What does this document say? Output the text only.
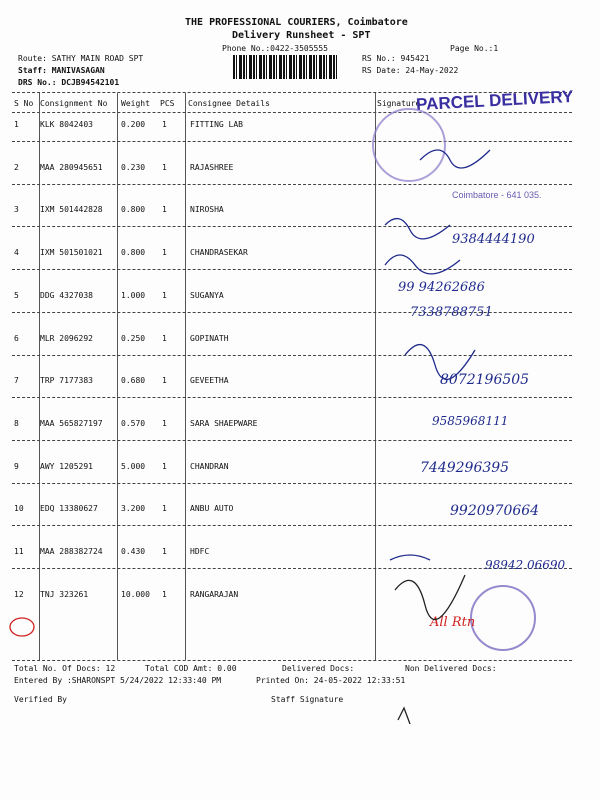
THE PROFESSIONAL COURIERS, Coimbatore
Delivery Runsheet - SPT
Phone No.:0422-3505555	Page No.:1
Route: SATHY MAIN ROAD SPT
Staff: MANIVASAGAN
DRS No.: DCJB94542101
RS No.: 945421
RS Date: 24-May-2022
S No Consignment No Weight PCS Consignee Details	Signature
1	KLK 8042403	0.200 1	FITTING LAB
2	MAA 280945651 0.230 1	RAJASHREE
3	IXM 501442828 0.800 1	NIROSHA
4	IXM 501501021 0.800 1	CHANDRASEKAR
5	DDG 4327038	1.000 1	SUGANYA
6	MLR 2096292	0.250 1	GOPINATH
7	TRP 7177383	0.680 1	GEVEETHA
8	MAA 565827197 0.570 1	SARA SHAEPWARE
9	AWY 1205291	5.000 1	CHANDRAN
10 EDQ 13380627	3.200 1	ANBU AUTO
11 MAA 288382724 0.430 1	HDFC
12 TNJ 323261	10.000 1	RANGARAJAN
Total No. Of Docs: 12	Total COD Amt: 0.00	Delivered Docs:	Non Delivered Docs:
Entered By :SHARONSPT 5/24/2022 12:33:40 PM	Printed On: 24-05-2022 12:33:51
Verified By	Staff Signature
PARCEL DELIVERY
Coimbatore - 641 035.
9384444190
99 94262686
7338788751
8072196505
9585968111
7449296395
9920970664
98942 06690
All Rtn
